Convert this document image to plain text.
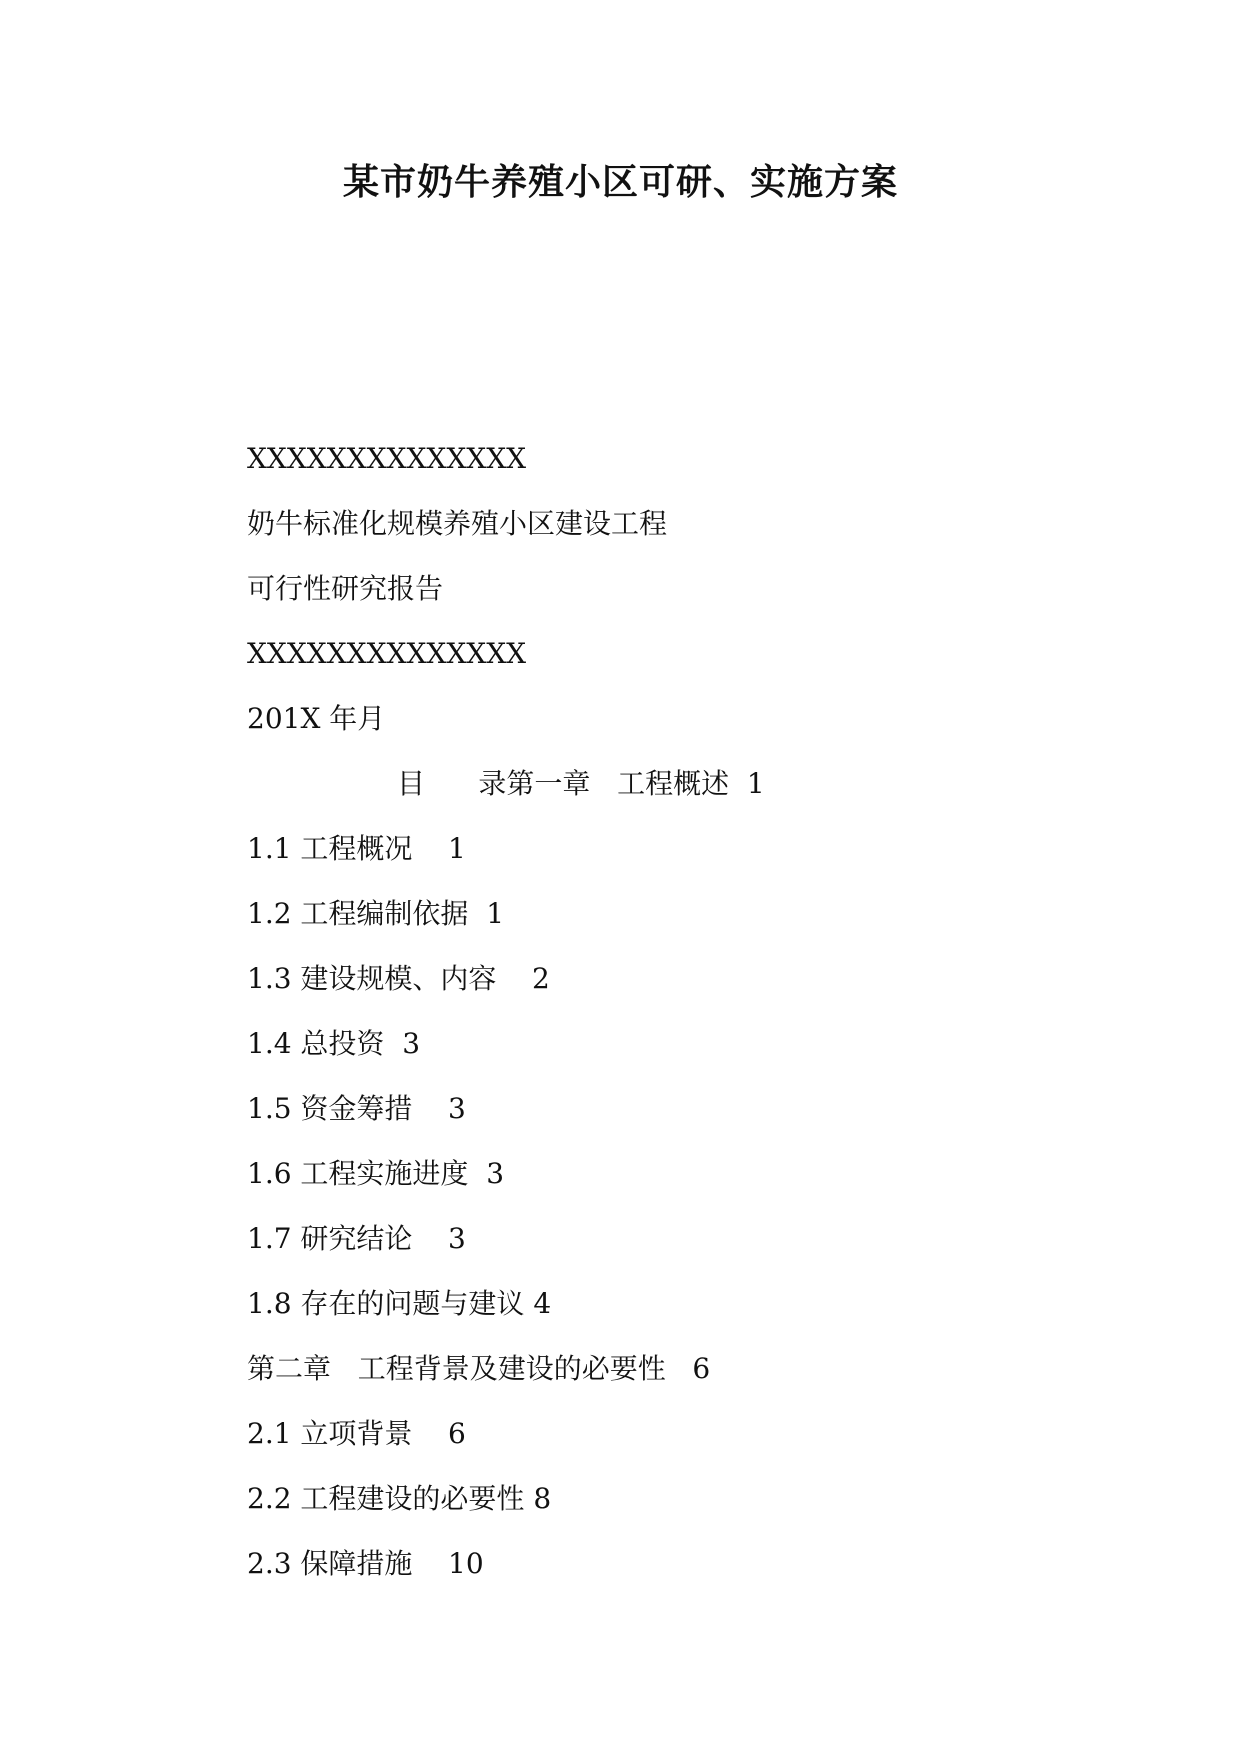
某市奶牛养殖小区可研、实施方案
XXXXXXXXXXXXXX
奶牛标准化规模养殖小区建设工程
可行性研究报告
XXXXXXXXXXXXXX
201X 年月
目      录第一章   工程概述  1
1.1 工程概况    1
1.2 工程编制依据  1
1.3 建设规模、内容    2
1.4 总投资  3
1.5 资金筹措    3
1.6 工程实施进度  3
1.7 研究结论    3
1.8 存在的问题与建议 4
第二章   工程背景及建设的必要性   6
2.1 立项背景    6
2.2 工程建设的必要性 8
2.3 保障措施    10
